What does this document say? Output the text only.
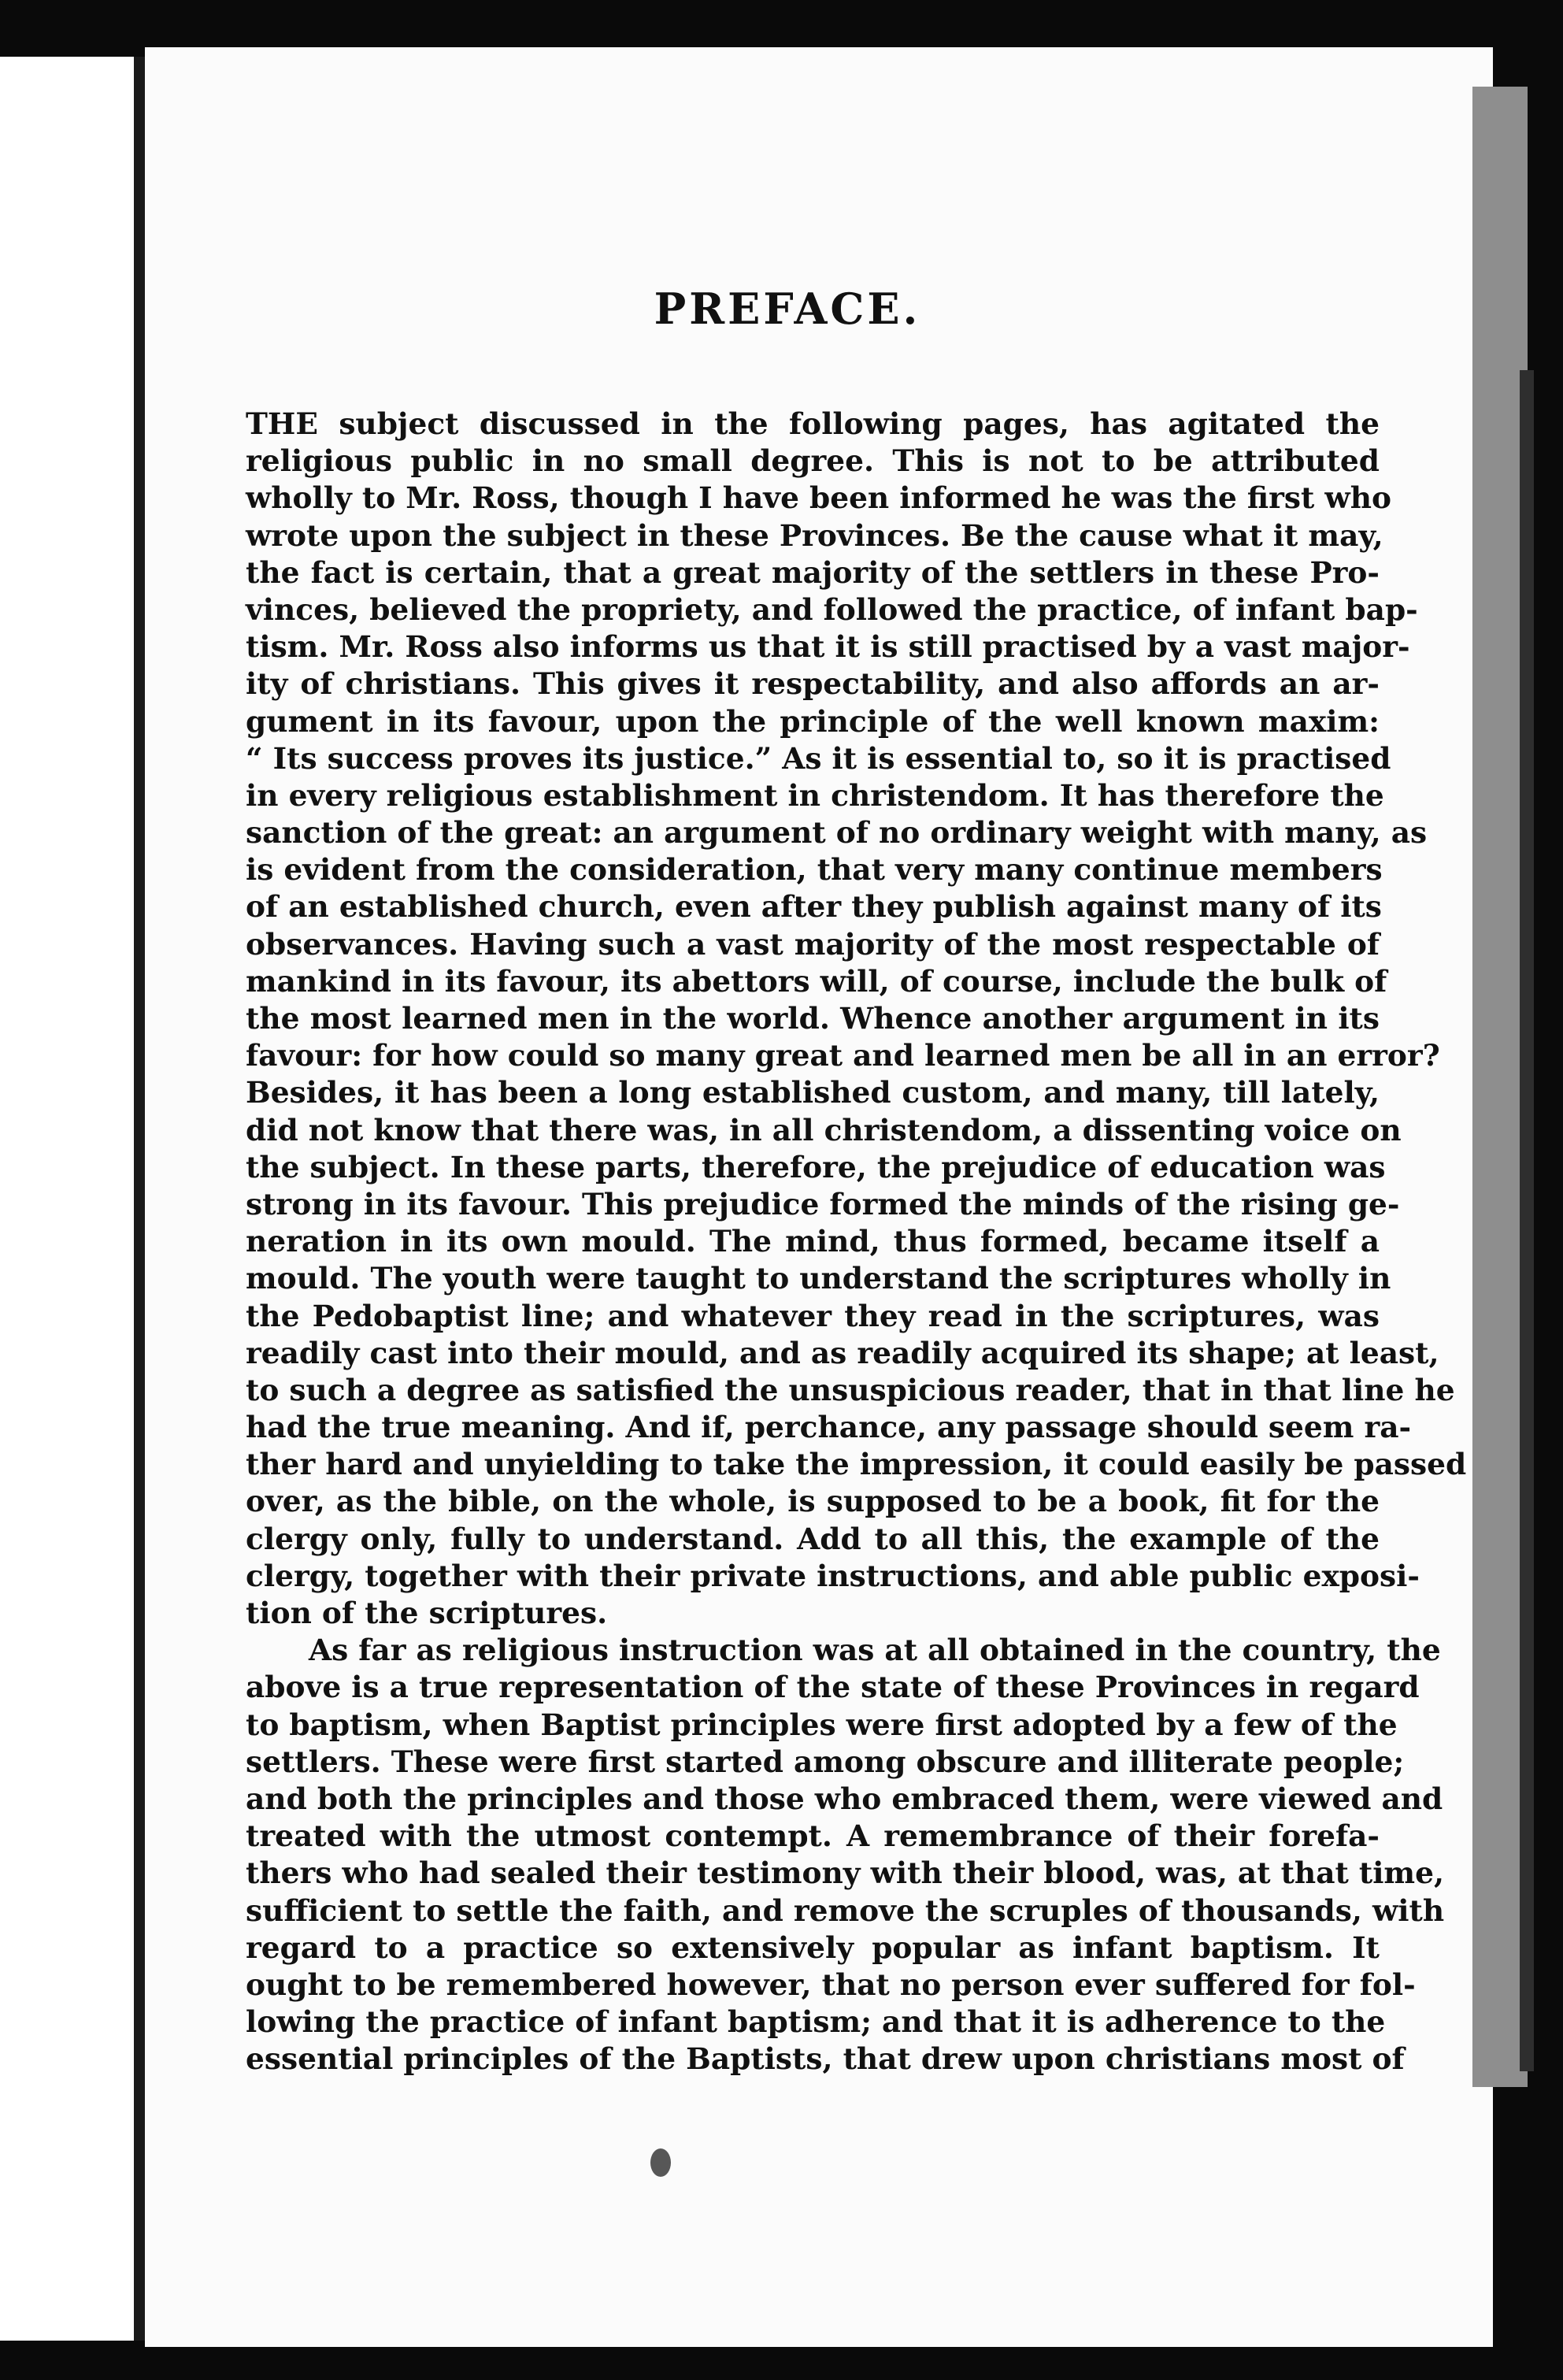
PREFACE.
THE subject discussed in the following pages, has agitated the
religious public in no small degree. This is not to be attributed
wholly to Mr. Ross, though I have been informed he was the first who
wrote upon the subject in these Provinces. Be the cause what it may,
the fact is certain, that a great majority of the settlers in these Pro-
vinces, believed the propriety, and followed the practice, of infant bap-
tism. Mr. Ross also informs us that it is still practised by a vast major-
ity of christians. This gives it respectability, and also affords an ar-
gument in its favour, upon the principle of the well known maxim:
“ Its success proves its justice.” As it is essential to, so it is practised
in every religious establishment in christendom. It has therefore the
sanction of the great: an argument of no ordinary weight with many, as
is evident from the consideration, that very many continue members
of an established church, even after they publish against many of its
observances. Having such a vast majority of the most respectable of
mankind in its favour, its abettors will, of course, include the bulk of
the most learned men in the world. Whence another argument in its
favour: for how could so many great and learned men be all in an error?
Besides, it has been a long established custom, and many, till lately,
did not know that there was, in all christendom, a dissenting voice on
the subject. In these parts, therefore, the prejudice of education was
strong in its favour. This prejudice formed the minds of the rising ge-
neration in its own mould. The mind, thus formed, became itself a
mould. The youth were taught to understand the scriptures wholly in
the Pedobaptist line; and whatever they read in the scriptures, was
readily cast into their mould, and as readily acquired its shape; at least,
to such a degree as satisfied the unsuspicious reader, that in that line he
had the true meaning. And if, perchance, any passage should seem ra-
ther hard and unyielding to take the impression, it could easily be passed
over, as the bible, on the whole, is supposed to be a book, fit for the
clergy only, fully to understand. Add to all this, the example of the
clergy, together with their private instructions, and able public exposi-
tion of the scriptures.
As far as religious instruction was at all obtained in the country, the
above is a true representation of the state of these Provinces in regard
to baptism, when Baptist principles were first adopted by a few of the
settlers. These were first started among obscure and illiterate people;
and both the principles and those who embraced them, were viewed and
treated with the utmost contempt. A remembrance of their forefa-
thers who had sealed their testimony with their blood, was, at that time,
sufficient to settle the faith, and remove the scruples of thousands, with
regard to a practice so extensively popular as infant baptism. It
ought to be remembered however, that no person ever suffered for fol-
lowing the practice of infant baptism; and that it is adherence to the
essential principles of the Baptists, that drew upon christians most of
